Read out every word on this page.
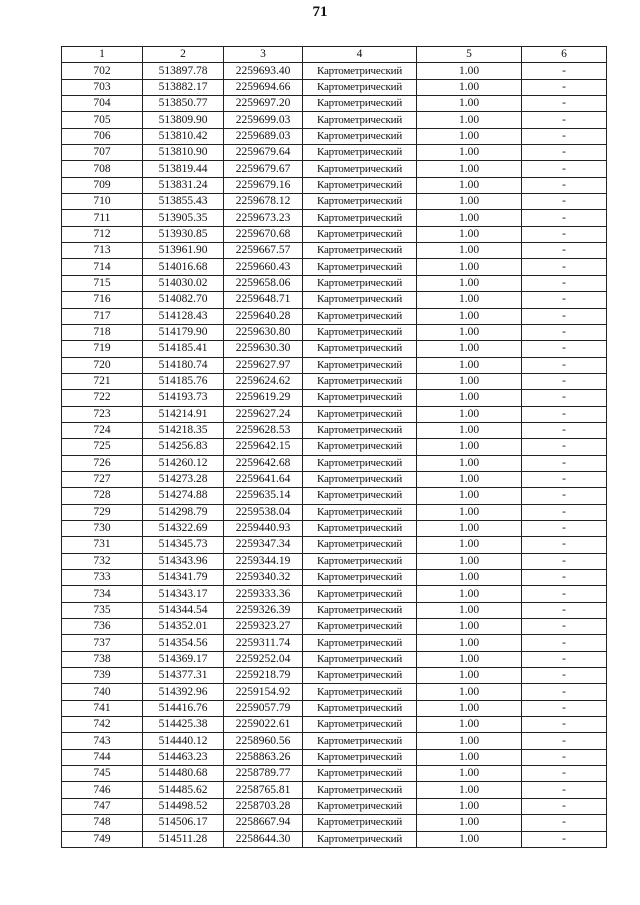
71
1	2	3	4	5	6
702	513897.78	2259693.40	Картометрический	1.00	-
703	513882.17	2259694.66	Картометрический	1.00	-
704	513850.77	2259697.20	Картометрический	1.00	-
705	513809.90	2259699.03	Картометрический	1.00	-
706	513810.42	2259689.03	Картометрический	1.00	-
707	513810.90	2259679.64	Картометрический	1.00	-
708	513819.44	2259679.67	Картометрический	1.00	-
709	513831.24	2259679.16	Картометрический	1.00	-
710	513855.43	2259678.12	Картометрический	1.00	-
711	513905.35	2259673.23	Картометрический	1.00	-
712	513930.85	2259670.68	Картометрический	1.00	-
713	513961.90	2259667.57	Картометрический	1.00	-
714	514016.68	2259660.43	Картометрический	1.00	-
715	514030.02	2259658.06	Картометрический	1.00	-
716	514082.70	2259648.71	Картометрический	1.00	-
717	514128.43	2259640.28	Картометрический	1.00	-
718	514179.90	2259630.80	Картометрический	1.00	-
719	514185.41	2259630.30	Картометрический	1.00	-
720	514180.74	2259627.97	Картометрический	1.00	-
721	514185.76	2259624.62	Картометрический	1.00	-
722	514193.73	2259619.29	Картометрический	1.00	-
723	514214.91	2259627.24	Картометрический	1.00	-
724	514218.35	2259628.53	Картометрический	1.00	-
725	514256.83	2259642.15	Картометрический	1.00	-
726	514260.12	2259642.68	Картометрический	1.00	-
727	514273.28	2259641.64	Картометрический	1.00	-
728	514274.88	2259635.14	Картометрический	1.00	-
729	514298.79	2259538.04	Картометрический	1.00	-
730	514322.69	2259440.93	Картометрический	1.00	-
731	514345.73	2259347.34	Картометрический	1.00	-
732	514343.96	2259344.19	Картометрический	1.00	-
733	514341.79	2259340.32	Картометрический	1.00	-
734	514343.17	2259333.36	Картометрический	1.00	-
735	514344.54	2259326.39	Картометрический	1.00	-
736	514352.01	2259323.27	Картометрический	1.00	-
737	514354.56	2259311.74	Картометрический	1.00	-
738	514369.17	2259252.04	Картометрический	1.00	-
739	514377.31	2259218.79	Картометрический	1.00	-
740	514392.96	2259154.92	Картометрический	1.00	-
741	514416.76	2259057.79	Картометрический	1.00	-
742	514425.38	2259022.61	Картометрический	1.00	-
743	514440.12	2258960.56	Картометрический	1.00	-
744	514463.23	2258863.26	Картометрический	1.00	-
745	514480.68	2258789.77	Картометрический	1.00	-
746	514485.62	2258765.81	Картометрический	1.00	-
747	514498.52	2258703.28	Картометрический	1.00	-
748	514506.17	2258667.94	Картометрический	1.00	-
749	514511.28	2258644.30	Картометрический	1.00	-
